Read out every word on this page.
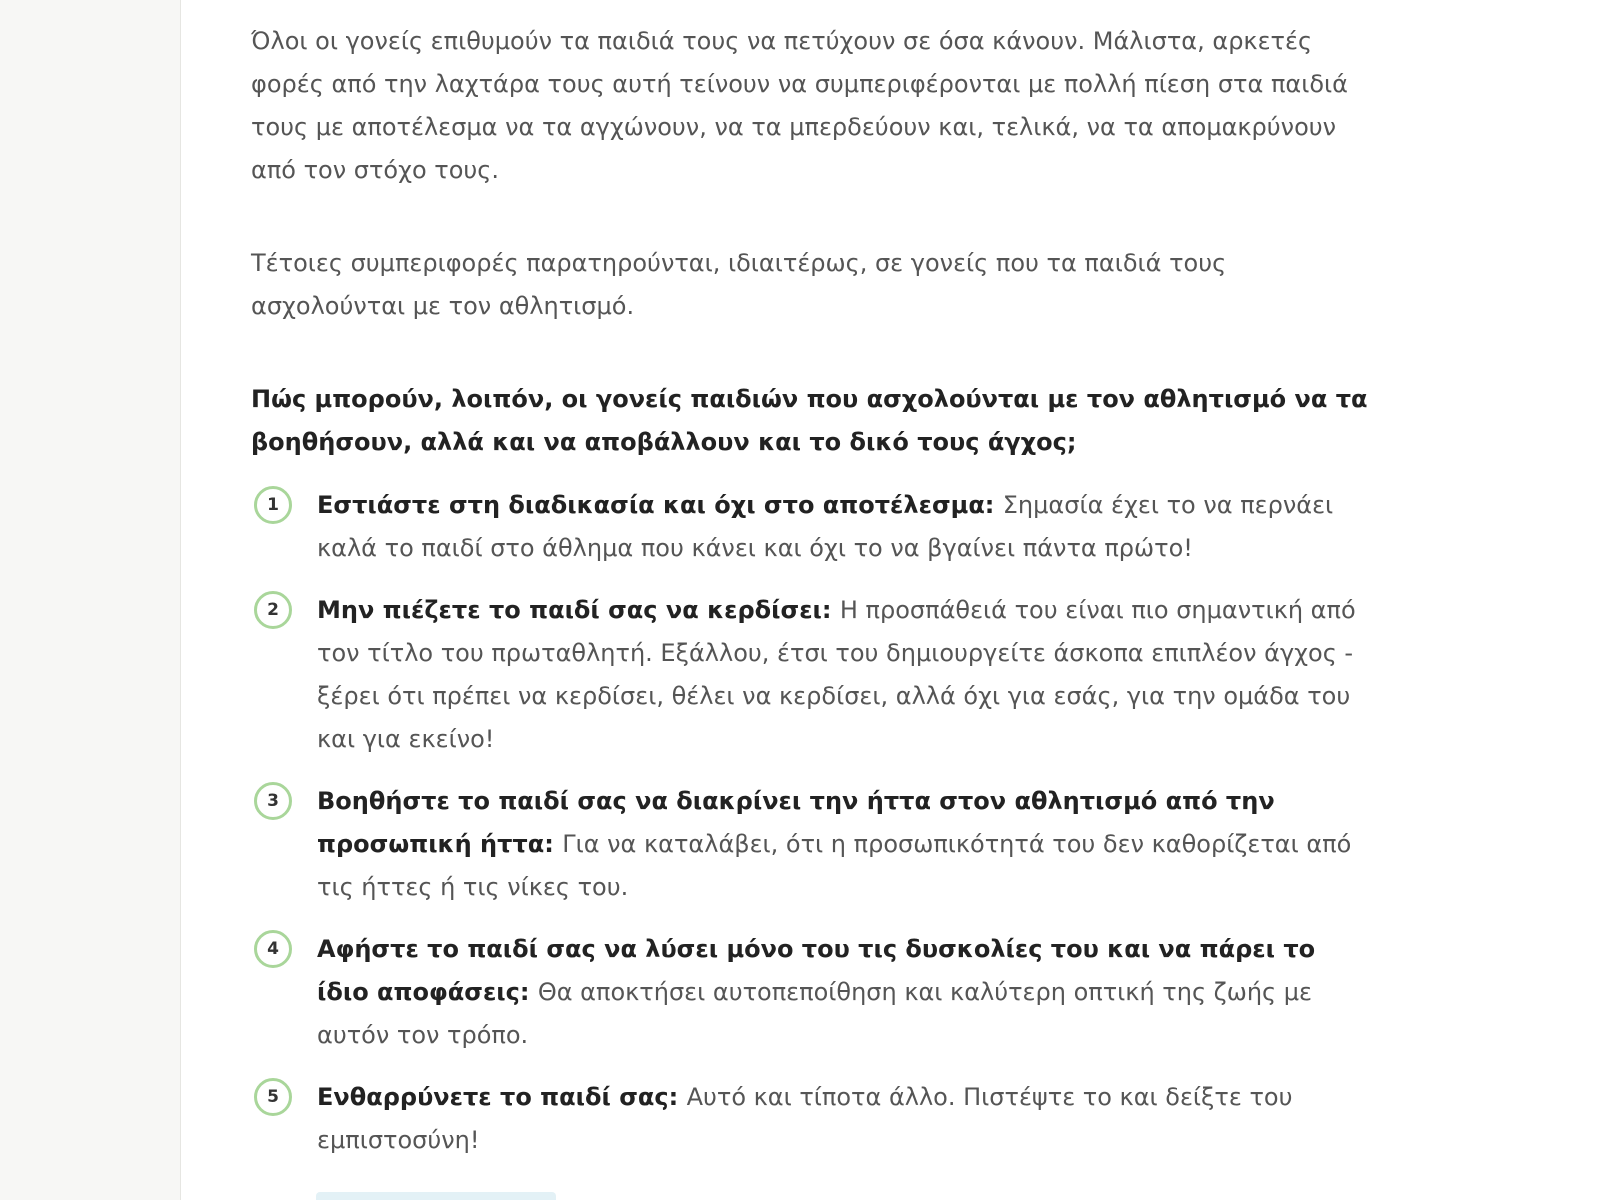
Όλοι οι γονείς επιθυμούν τα παιδιά τους να πετύχουν σε όσα κάνουν. Μάλιστα, αρκετές φορές από την λαχτάρα τους αυτή τείνουν να συμπεριφέρονται με πολλή πίεση στα παιδιά τους με αποτέλεσμα να τα αγχώνουν, να τα μπερδεύουν και, τελικά, να τα απομακρύνουν από τον στόχο τους.

Τέτοιες συμπεριφορές παρατηρούνται, ιδιαιτέρως, σε γονείς που τα παιδιά τους ασχολούνται με τον αθλητισμό.

Πώς μπορούν, λοιπόν, οι γονείς παιδιών που ασχολούνται με τον αθλητισμό να τα βοηθήσουν, αλλά και να αποβάλλουν και το δικό τους άγχος;

1	Εστιάστε στη διαδικασία και όχι στο αποτέλεσμα: Σημασία έχει το να περνάει καλά το παιδί στο άθλημα που κάνει και όχι το να βγαίνει πάντα πρώτο!
2	Μην πιέζετε το παιδί σας να κερδίσει: Η προσπάθειά του είναι πιο σημαντική από τον τίτλο του πρωταθλητή. Εξάλλου, έτσι του δημιουργείτε άσκοπα επιπλέον άγχος - ξέρει ότι πρέπει να κερδίσει, θέλει να κερδίσει, αλλά όχι για εσάς, για την ομάδα του και για εκείνο!
3	Βοηθήστε το παιδί σας να διακρίνει την ήττα στον αθλητισμό από την προσωπική ήττα: Για να καταλάβει, ότι η προσωπικότητά του δεν καθορίζεται από τις ήττες ή τις νίκες του.
4	Αφήστε το παιδί σας να λύσει μόνο του τις δυσκολίες του και να πάρει το ίδιο αποφάσεις: Θα αποκτήσει αυτοπεποίθηση και καλύτερη οπτική της ζωής με αυτόν τον τρόπο.
5	Ενθαρρύνετε το παιδί σας: Αυτό και τίποτα άλλο. Πιστέψτε το και δείξτε του εμπιστοσύνη!
